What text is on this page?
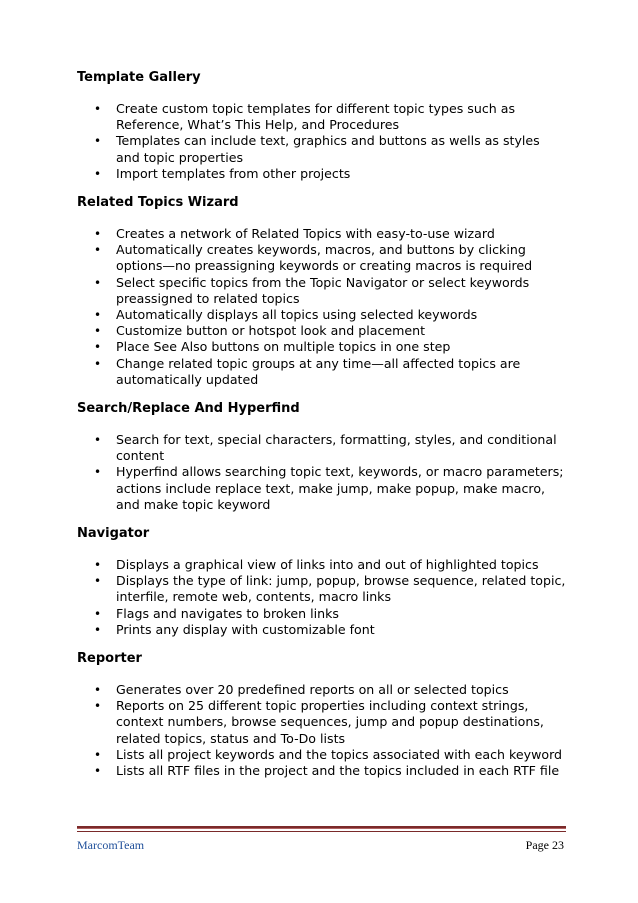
Template Gallery
• Create custom topic templates for different topic types such as Reference, What’s This Help, and Procedures
• Templates can include text, graphics and buttons as wells as styles and topic properties
• Import templates from other projects
Related Topics Wizard
• Creates a network of Related Topics with easy-to-use wizard
• Automatically creates keywords, macros, and buttons by clicking options—no preassigning keywords or creating macros is required
• Select specific topics from the Topic Navigator or select keywords preassigned to related topics
• Automatically displays all topics using selected keywords
• Customize button or hotspot look and placement
• Place See Also buttons on multiple topics in one step
• Change related topic groups at any time—all affected topics are automatically updated
Search/Replace And Hyperfind
• Search for text, special characters, formatting, styles, and conditional content
• Hyperfind allows searching topic text, keywords, or macro parameters; actions include replace text, make jump, make popup, make macro, and make topic keyword
Navigator
• Displays a graphical view of links into and out of highlighted topics
• Displays the type of link: jump, popup, browse sequence, related topic, interfile, remote web, contents, macro links
• Flags and navigates to broken links
• Prints any display with customizable font
Reporter
• Generates over 20 predefined reports on all or selected topics
• Reports on 25 different topic properties including context strings, context numbers, browse sequences, jump and popup destinations, related topics, status and To-Do lists
• Lists all project keywords and the topics associated with each keyword
• Lists all RTF files in the project and the topics included in each RTF file
MarcomTeam	Page 23
